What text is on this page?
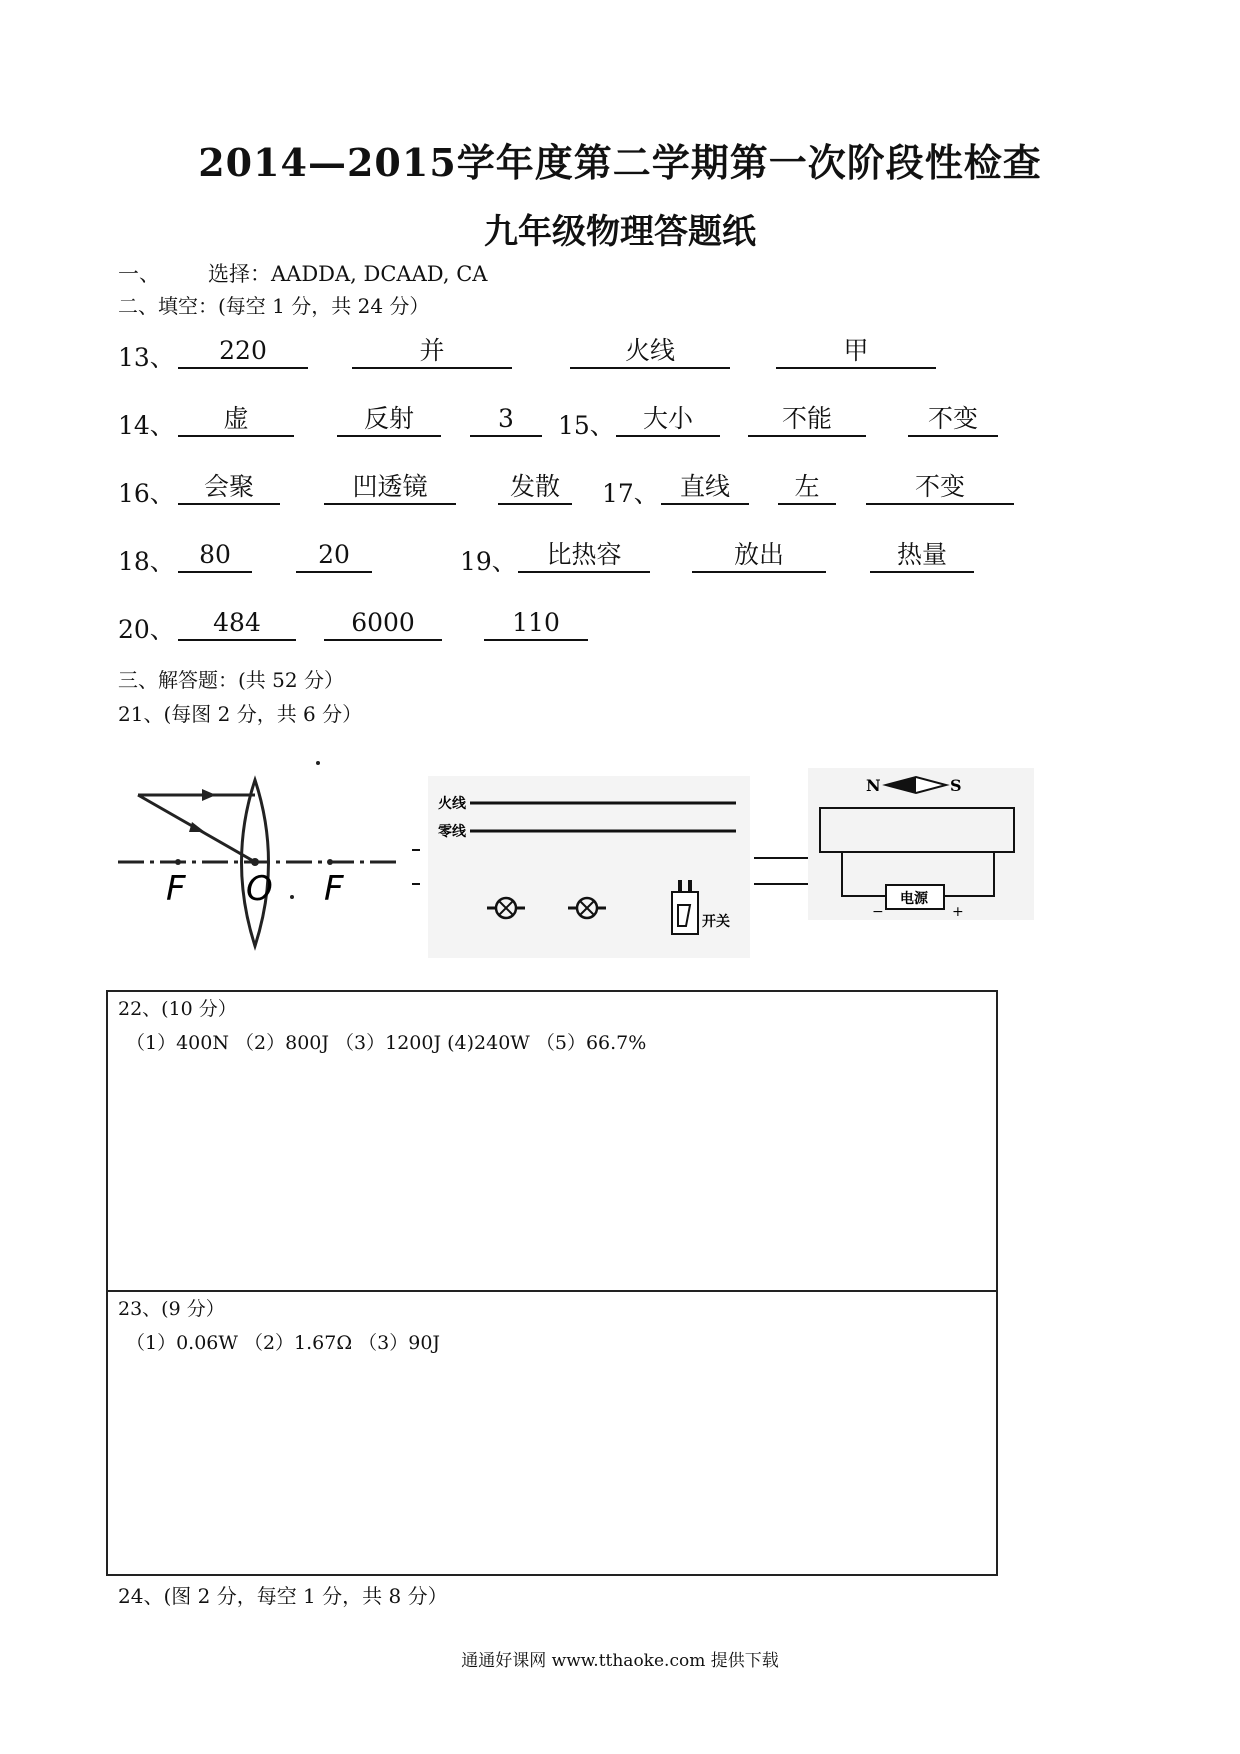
2014—2015学年度第二学期第一次阶段性检查
九年级物理答题纸
一、 选择：AADDA, DCAAD, CA
二、填空：(每空 1 分，共 24 分）
13、	220	并	火线	甲
14、	虚	反射	3	15、	大小	不能	不变
16、	会聚	凹透镜	发散	17、 直线	左	不变
18、 80	20	19、	比热容	放出	热量
20、	484	6000	110
三、解答题：(共 52 分）
21、(每图 2 分，共 6 分）
F O F
火线
零线
开关
N	S
电源
−	+
22、(10 分）
（1）400N （2）800J （3）1200J (4)240W （5）66.7%
23、(9 分）
（1）0.06W （2）1.67Ω （3）90J
24、(图 2 分，每空 1 分，共 8 分）
通通好课网 www.tthaoke.com 提供下载
